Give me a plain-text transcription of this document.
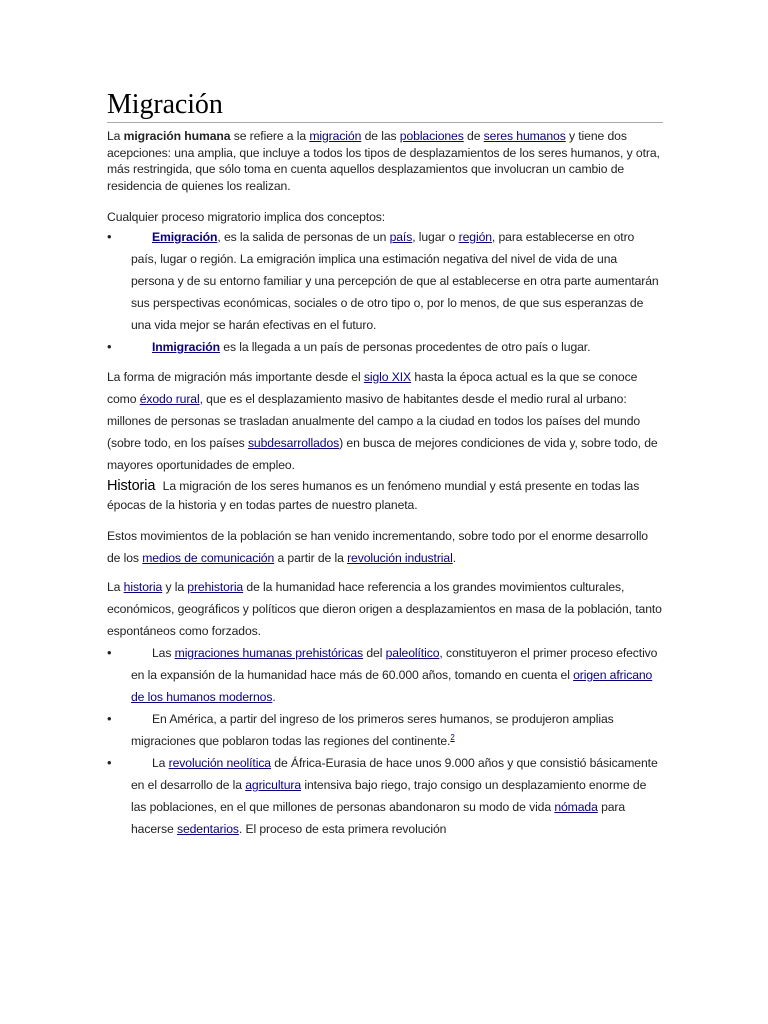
Migración

La migración humana se refiere a la migración de las poblaciones de seres humanos y tiene dos acepciones: una amplia, que incluye a todos los tipos de desplazamientos de los seres humanos, y otra, más restringida, que sólo toma en cuenta aquellos desplazamientos que involucran un cambio de residencia de quienes los realizan.

Cualquier proceso migratorio implica dos conceptos:

•	Emigración, es la salida de personas de un país, lugar o región, para establecerse en otro país, lugar o región. La emigración implica una estimación negativa del nivel de vida de una persona y de su entorno familiar y una percepción de que al establecerse en otra parte aumentarán sus perspectivas económicas, sociales o de otro tipo o, por lo menos, de que sus esperanzas de una vida mejor se harán efectivas en el futuro.
•	Inmigración es la llegada a un país de personas procedentes de otro país o lugar.

La forma de migración más importante desde el siglo XIX hasta la época actual es la que se conoce como éxodo rural, que es el desplazamiento masivo de habitantes desde el medio rural al urbano: millones de personas se trasladan anualmente del campo a la ciudad en todos los países del mundo (sobre todo, en los países subdesarrollados) en busca de mejores condiciones de vida y, sobre todo, de mayores oportunidades de empleo.

Historia La migración de los seres humanos es un fenómeno mundial y está presente en todas las épocas de la historia y en todas partes de nuestro planeta.

Estos movimientos de la población se han venido incrementando, sobre todo por el enorme desarrollo de los medios de comunicación a partir de la revolución industrial.

La historia y la prehistoria de la humanidad hace referencia a los grandes movimientos culturales, económicos, geográficos y políticos que dieron origen a desplazamientos en masa de la población, tanto espontáneos como forzados.

•	Las migraciones humanas prehistóricas del paleolítico, constituyeron el primer proceso efectivo en la expansión de la humanidad hace más de 60.000 años, tomando en cuenta el origen africano de los humanos modernos.
•	En América, a partir del ingreso de los primeros seres humanos, se produjeron amplias migraciones que poblaron todas las regiones del continente.$^2$
•	La revolución neolítica de África-Eurasia de hace unos 9.000 años y que consistió básicamente en el desarrollo de la agricultura intensiva bajo riego, trajo consigo un desplazamiento enorme de las poblaciones, en el que millones de personas abandonaron su modo de vida nómada para hacerse sedentarios. El proceso de esta primera revolución
